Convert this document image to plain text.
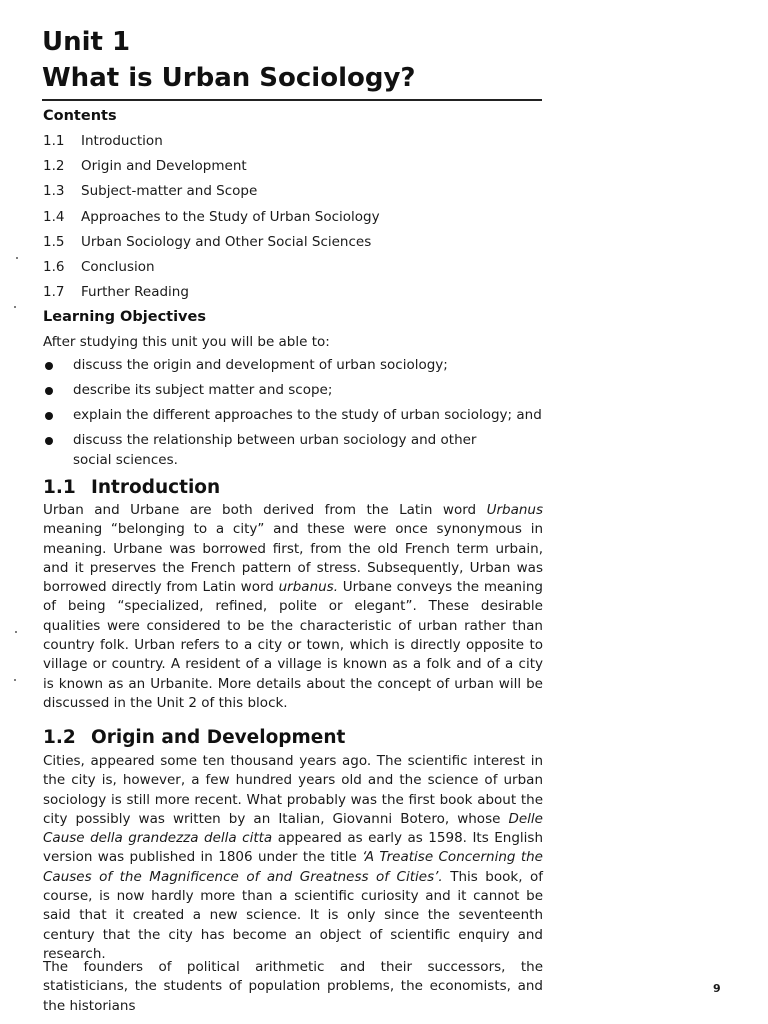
Unit 1
What is Urban Sociology?
Contents
1.1	Introduction
1.2	Origin and Development
1.3	Subject-matter and Scope
1.4	Approaches to the Study of Urban Sociology
1.5	Urban Sociology and Other Social Sciences
1.6	Conclusion
1.7	Further Reading
Learning Objectives
After studying this unit you will be able to:
discuss the origin and development of urban sociology;
describe its subject matter and scope;
explain the different approaches to the study of urban sociology; and
discuss the relationship between urban sociology and other social sciences.
1.1 Introduction

Urban and Urbane are both derived from the Latin word Urbanus meaning “belonging to a city” and these were once synonymous in meaning. Urbane was borrowed first, from the old French term urbain, and it preserves the French pattern of stress. Subsequently, Urban was borrowed directly from Latin word urbanus. Urbane conveys the meaning of being “specialized, refined, polite or elegant”. These desirable qualities were considered to be the characteristic of urban rather than country folk. Urban refers to a city or town, which is directly opposite to village or country. A resident of a village is known as a folk and of a city is known as an Urbanite. More details about the concept of urban will be discussed in the Unit 2 of this block.

1.2 Origin and Development

Cities, appeared some ten thousand years ago. The scientific interest in the city is, however, a few hundred years old and the science of urban sociology is still more recent. What probably was the first book about the city possibly was written by an Italian, Giovanni Botero, whose Delle Cause della grandezza della citta appeared as early as 1598. Its English version was published in 1806 under the title ‘A Treatise Concerning the Causes of the Magnificence of and Greatness of Cities’. This book, of course, is now hardly more than a scientific curiosity and it cannot be said that it created a new science. It is only since the seventeenth century that the city has become an object of scientific enquiry and research.

The founders of political arithmetic and their successors, the statisticians, the students of population problems, the economists, and the historians

9
